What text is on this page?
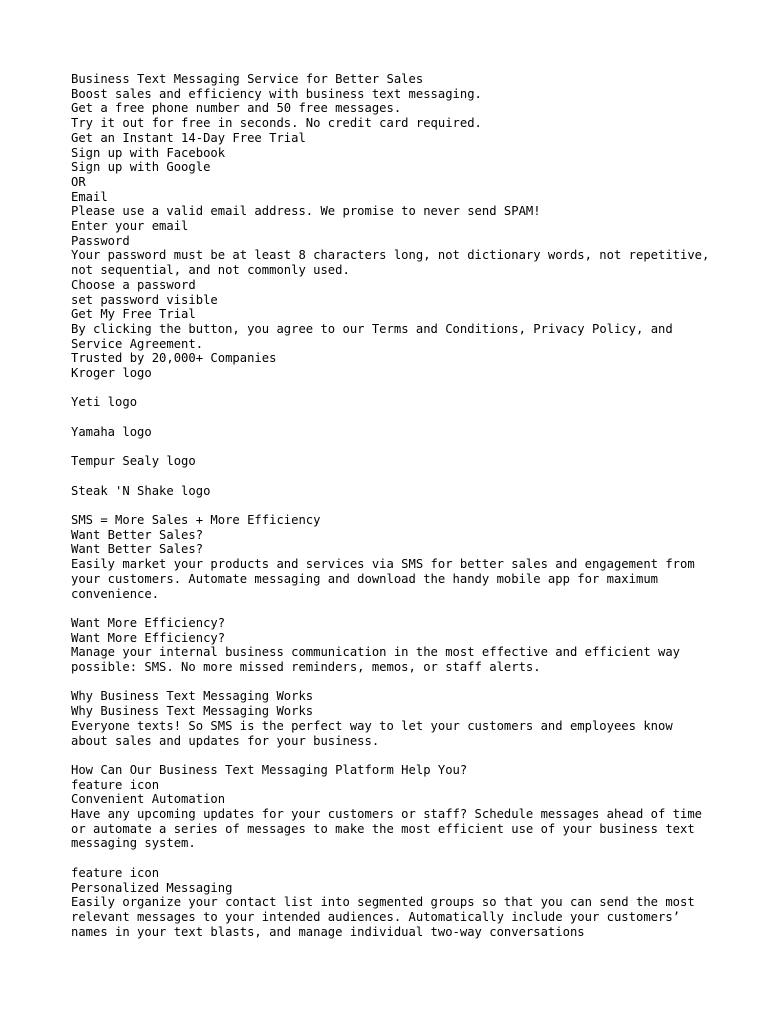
Business Text Messaging Service for Better Sales
Boost sales and efficiency with business text messaging.
Get a free phone number and 50 free messages.
Try it out for free in seconds. No credit card required.
Get an Instant 14-Day Free Trial
Sign up with Facebook
Sign up with Google
OR
Email
Please use a valid email address. We promise to never send SPAM!
Enter your email
Password
Your password must be at least 8 characters long, not dictionary words, not repetitive, not sequential, and not commonly used.
Choose a password
set password visible
Get My Free Trial
By clicking the button, you agree to our Terms and Conditions, Privacy Policy, and Service Agreement.
Trusted by 20,000+ Companies
Kroger logo
Yeti logo
Yamaha logo
Tempur Sealy logo
Steak 'N Shake logo
SMS = More Sales + More Efficiency
Want Better Sales?
Want Better Sales?
Easily market your products and services via SMS for better sales and engagement from your customers. Automate messaging and download the handy mobile app for maximum convenience.
Want More Efficiency?
Want More Efficiency?
Manage your internal business communication in the most effective and efficient way possible: SMS. No more missed reminders, memos, or staff alerts.
Why Business Text Messaging Works
Why Business Text Messaging Works
Everyone texts! So SMS is the perfect way to let your customers and employees know about sales and updates for your business.
How Can Our Business Text Messaging Platform Help You?
feature icon
Convenient Automation
Have any upcoming updates for your customers or staff? Schedule messages ahead of time or automate a series of messages to make the most efficient use of your business text messaging system.
feature icon
Personalized Messaging
Easily organize your contact list into segmented groups so that you can send the most relevant messages to your intended audiences. Automatically include your customers’ names in your text blasts, and manage individual two-way conversations
